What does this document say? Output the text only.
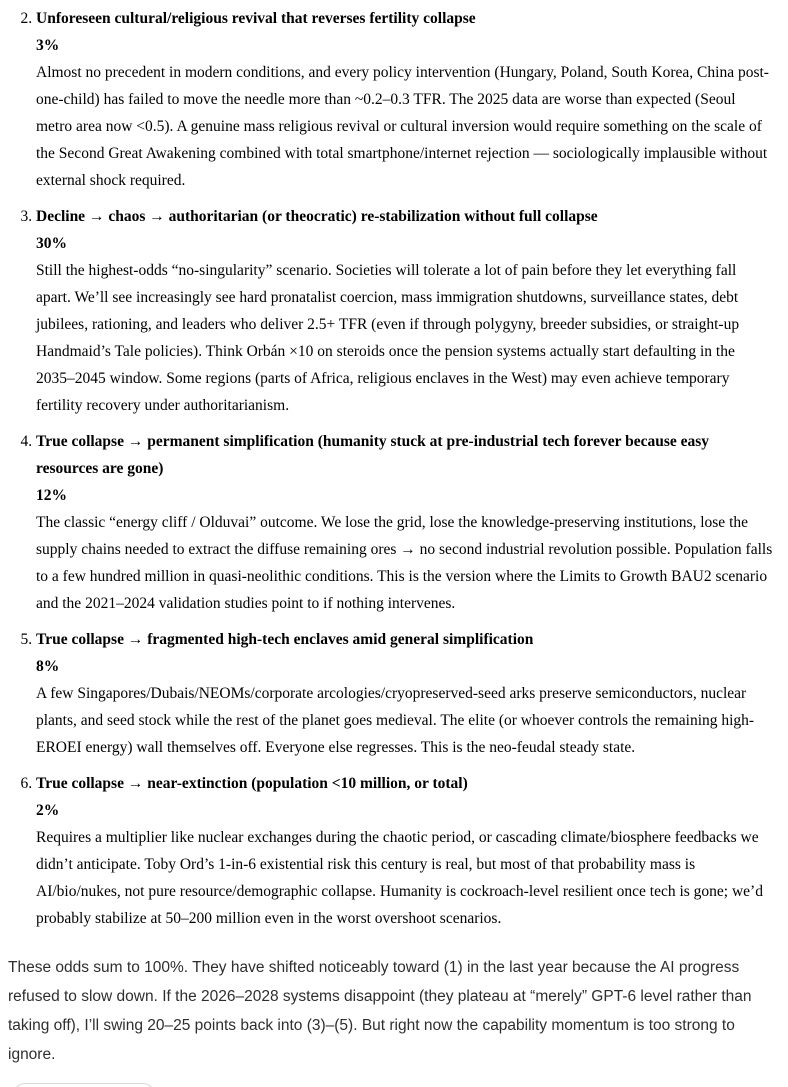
2. Unforeseen cultural/religious revival that reverses fertility collapse
3%
Almost no precedent in modern conditions, and every policy intervention (Hungary, Poland, South Korea, China post-one-child) has failed to move the needle more than ~0.2–0.3 TFR. The 2025 data are worse than expected (Seoul metro area now <0.5). A genuine mass religious revival or cultural inversion would require something on the scale of the Second Great Awakening combined with total smartphone/internet rejection — sociologically implausible without external shock required.
3. Decline → chaos → authoritarian (or theocratic) re-stabilization without full collapse
30%
Still the highest-odds “no-singularity” scenario. Societies will tolerate a lot of pain before they let everything fall apart. We’ll see increasingly see hard pronatalist coercion, mass immigration shutdowns, surveillance states, debt jubilees, rationing, and leaders who deliver 2.5+ TFR (even if through polygyny, breeder subsidies, or straight-up Handmaid’s Tale policies). Think Orbán ×10 on steroids once the pension systems actually start defaulting in the 2035–2045 window. Some regions (parts of Africa, religious enclaves in the West) may even achieve temporary fertility recovery under authoritarianism.
4. True collapse → permanent simplification (humanity stuck at pre-industrial tech forever because easy resources are gone)
12%
The classic “energy cliff / Olduvai” outcome. We lose the grid, lose the knowledge-preserving institutions, lose the supply chains needed to extract the diffuse remaining ores → no second industrial revolution possible. Population falls to a few hundred million in quasi-neolithic conditions. This is the version where the Limits to Growth BAU2 scenario and the 2021–2024 validation studies point to if nothing intervenes.
5. True collapse → fragmented high-tech enclaves amid general simplification
8%
A few Singapores/Dubais/NEOMs/corporate arcologies/cryopreserved-seed arks preserve semiconductors, nuclear plants, and seed stock while the rest of the planet goes medieval. The elite (or whoever controls the remaining high-EROEI energy) wall themselves off. Everyone else regresses. This is the neo-feudal steady state.
6. True collapse → near-extinction (population <10 million, or total)
2%
Requires a multiplier like nuclear exchanges during the chaotic period, or cascading climate/biosphere feedbacks we didn’t anticipate. Toby Ord’s 1-in-6 existential risk this century is real, but most of that probability mass is AI/bio/nukes, not pure resource/demographic collapse. Humanity is cockroach-level resilient once tech is gone; we’d probably stabilize at 50–200 million even in the worst overshoot scenarios.

These odds sum to 100%. They have shifted noticeably toward (1) in the last year because the AI progress refused to slow down. If the 2026–2028 systems disappoint (they plateau at “merely” GPT-6 level rather than taking off), I’ll swing 20–25 points back into (3)–(5). But right now the capability momentum is too strong to ignore.
